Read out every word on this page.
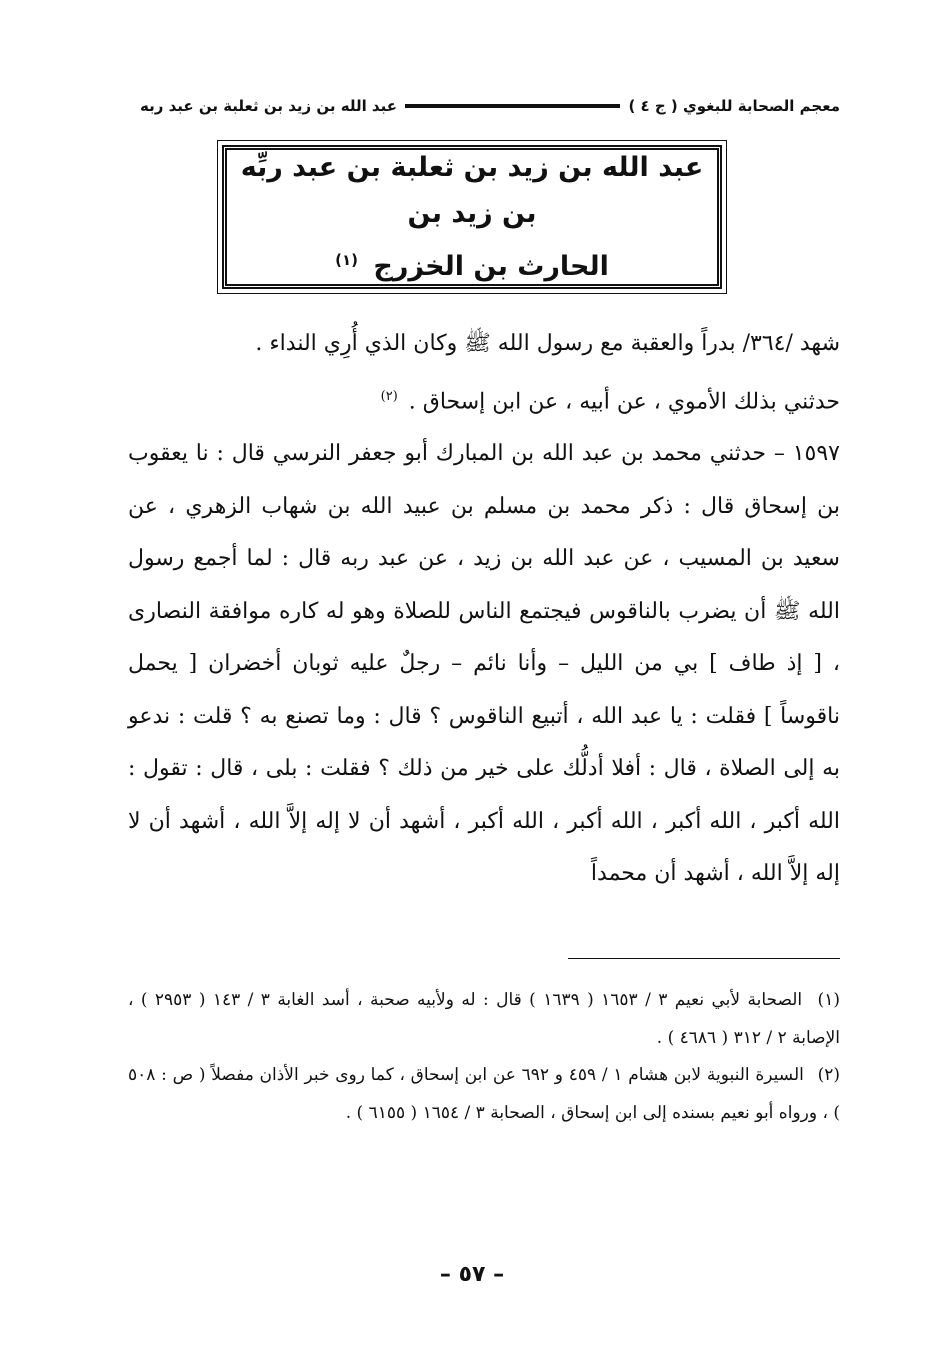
معجم الصحابة للبغوي ( ج ٤ )
عبد الله بن زيد بن ثعلبة بن عبد ربه
عبد الله بن زيد بن ثعلبة بن عبد ربِّه بن زيد بن
الحارث بن الخزرج $^{(١)}$

شهد /٣٦٤/ بدراً والعقبة مع رسول الله ﷺ وكان الذي أُرِي النداء .

حدثني بذلك الأموي ، عن أبيه ، عن ابن إسحاق . $^{(٢)}$

١٥٩٧ – حدثني محمد بن عبد الله بن المبارك أبو جعفر النرسي قال : نا يعقوب بن إسحاق قال : ذكر محمد بن مسلم بن عبيد الله بن شهاب الزهري ، عن سعيد بن المسيب ، عن عبد الله بن زيد ، عن عبد ربه قال : لما أجمع رسول الله ﷺ أن يضرب بالناقوس فيجتمع الناس للصلاة وهو له كاره موافقة النصارى ، [ إذ طاف ] بي من الليل – وأنا نائم – رجلٌ عليه ثوبان أخضران [ يحمل ناقوساً ] فقلت : يا عبد الله ، أتبيع الناقوس ؟ قال : وما تصنع به ؟ قلت : ندعو به إلى الصلاة ، قال : أفلا أدلُّك على خير من ذلك ؟ فقلت : بلى ، قال : تقول : الله أكبر ، الله أكبر ، الله أكبر ، الله أكبر ، أشهد أن لا إله إلاَّ الله ، أشهد أن لا إله إلاَّ الله ، أشهد أن محمداً

(١) الصحابة لأبي نعيم ٣ / ١٦٥٣ ( ١٦٣٩ ) قال : له ولأبيه صحبة ، أسد الغابة ٣ / ١٤٣ ( ٢٩٥٣ ) ، الإصابة ٢ / ٣١٢ ( ٤٦٨٦ ) .

(٢) السيرة النبوية لابن هشام ١ / ٤٥٩ و ٦٩٢ عن ابن إسحاق ، كما روى خبر الأذان مفصلاً ( ص : ٥٠٨ ) ، ورواه أبو نعيم بسنده إلى ابن إسحاق ، الصحابة ٣ / ١٦٥٤ ( ٦١٥٥ ) .

– ٥٧ –
